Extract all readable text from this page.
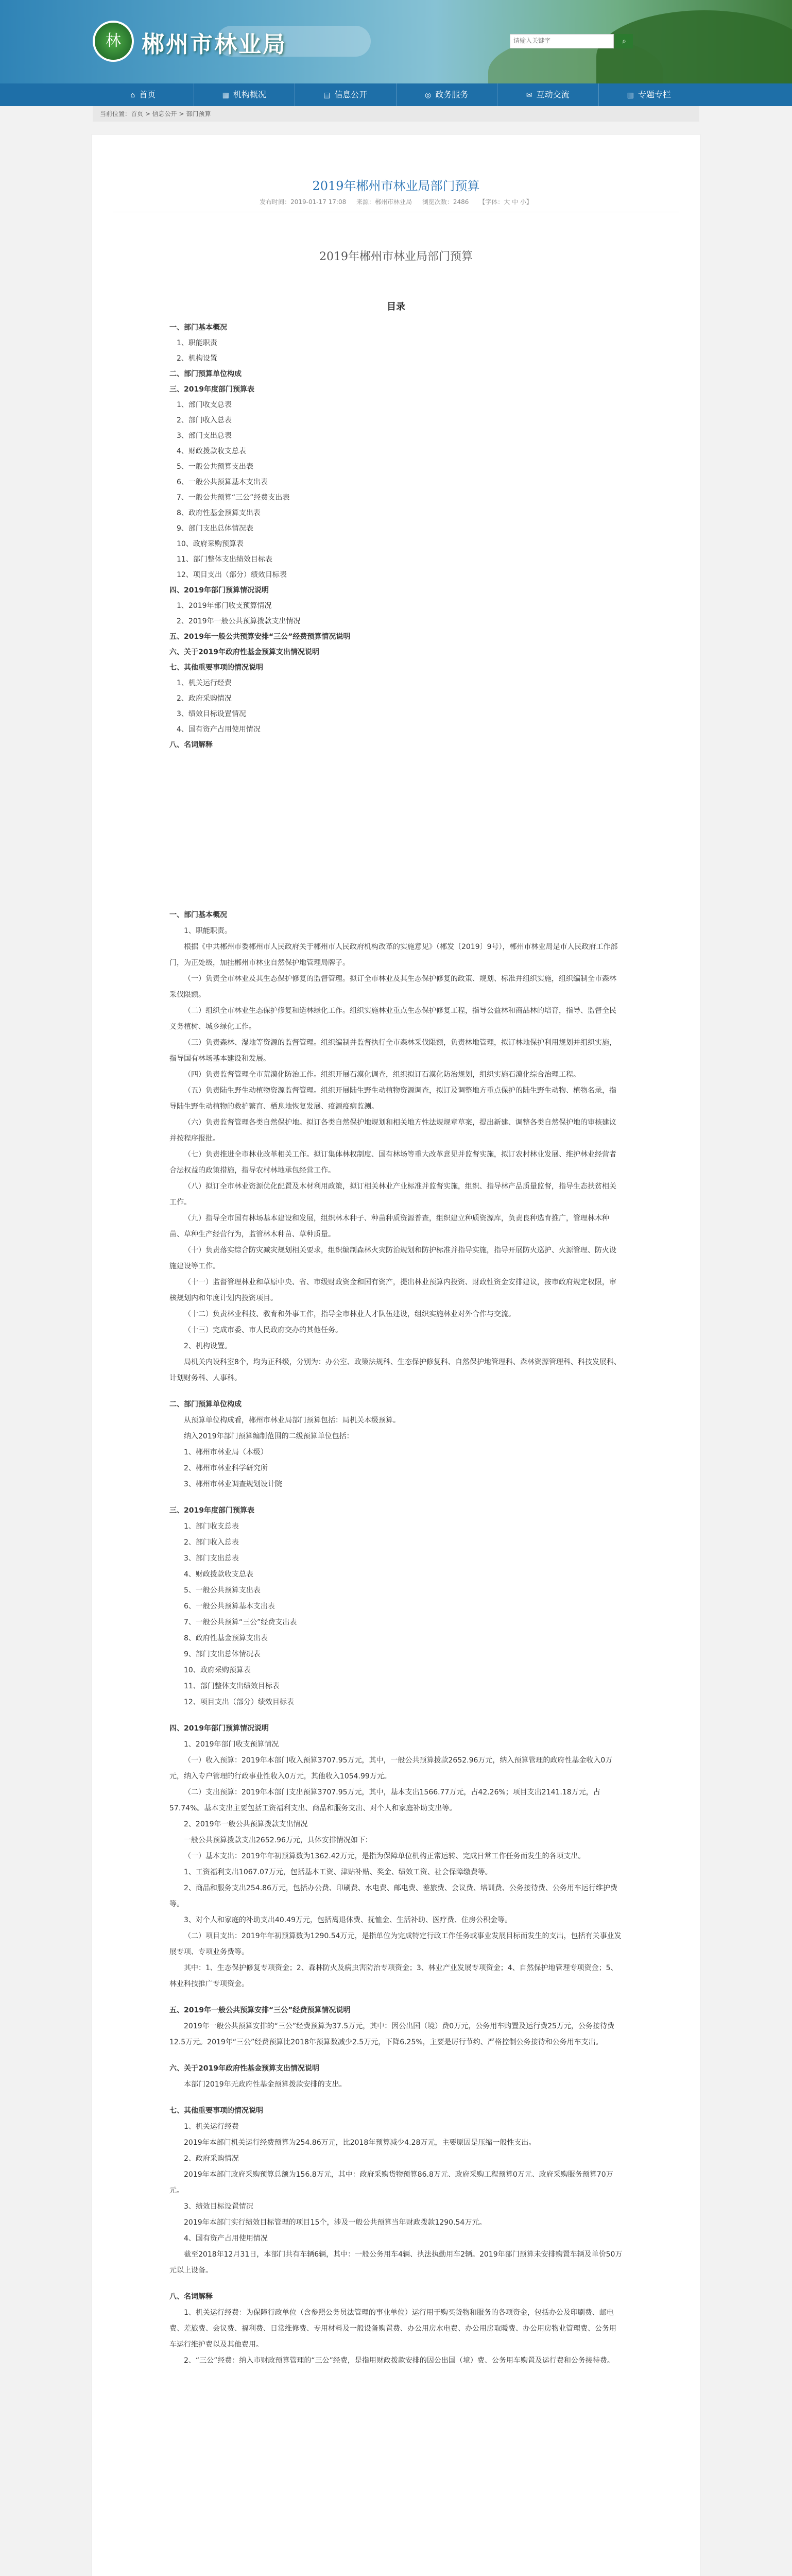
林 郴州市林业局
请输入关键字	⌕
⌂ 首页	▦ 机构概况	▤ 信息公开	◎ 政务服务	✉ 互动交流	▥ 专题专栏
当前位置：首页 > 信息公开 > 部门预算
2019年郴州市林业局部门预算
发布时间：2019-01-17 17:08 来源：郴州市林业局 浏览次数：2486 【字体：大 中 小】
2019年郴州市林业局部门预算
目录
一、部门基本概况
1、职能职责
2、机构设置
二、部门预算单位构成
三、2019年度部门预算表
1、部门收支总表
2、部门收入总表
3、部门支出总表
4、财政拨款收支总表
5、一般公共预算支出表
6、一般公共预算基本支出表
7、一般公共预算“三公”经费支出表
8、政府性基金预算支出表
9、部门支出总体情况表
10、政府采购预算表
11、部门整体支出绩效目标表
12、项目支出（部分）绩效目标表
四、2019年部门预算情况说明
1、2019年部门收支预算情况
2、2019年一般公共预算拨款支出情况
五、2019年一般公共预算安排“三公”经费预算情况说明
六、关于2019年政府性基金预算支出情况说明
七、其他重要事项的情况说明
1、机关运行经费
2、政府采购情况
3、绩效目标设置情况
4、国有资产占用使用情况
八、名词解释
一、部门基本概况
1、职能职责。
根据《中共郴州市委郴州市人民政府关于郴州市人民政府机构改革的实施意见》（郴发〔2019〕9号），郴州市林业局是市人民政府工作部门，为正处级，加挂郴州市林业自然保护地管理局牌子。
（一）负责全市林业及其生态保护修复的监督管理。拟订全市林业及其生态保护修复的政策、规划、标准并组织实施，组织编制全市森林采伐限额。
（二）组织全市林业生态保护修复和造林绿化工作。组织实施林业重点生态保护修复工程，指导公益林和商品林的培育，指导、监督全民义务植树、城乡绿化工作。
（三）负责森林、湿地等资源的监督管理。组织编制并监督执行全市森林采伐限额，负责林地管理，拟订林地保护利用规划并组织实施，指导国有林场基本建设和发展。
（四）负责监督管理全市荒漠化防治工作。组织开展石漠化调查，组织拟订石漠化防治规划，组织实施石漠化综合治理工程。
（五）负责陆生野生动植物资源监督管理。组织开展陆生野生动植物资源调查，拟订及调整地方重点保护的陆生野生动物、植物名录，指导陆生野生动植物的救护繁育、栖息地恢复发展、疫源疫病监测。
（六）负责监督管理各类自然保护地。拟订各类自然保护地规划和相关地方性法规规章草案，提出新建、调整各类自然保护地的审核建议并按程序报批。
（七）负责推进全市林业改革相关工作。拟订集体林权制度、国有林场等重大改革意见并监督实施，拟订农村林业发展、维护林业经营者合法权益的政策措施，指导农村林地承包经营工作。
（八）拟订全市林业资源优化配置及木材利用政策，拟订相关林业产业标准并监督实施，组织、指导林产品质量监督，指导生态扶贫相关工作。
（九）指导全市国有林场基本建设和发展，组织林木种子、种苗种质资源普查，组织建立种质资源库，负责良种选育推广，管理林木种苗、草种生产经营行为，监管林木种苗、草种质量。
（十）负责落实综合防灾减灾规划相关要求，组织编制森林火灾防治规划和防护标准并指导实施，指导开展防火巡护、火源管理、防火设施建设等工作。
（十一）监督管理林业和草原中央、省、市级财政资金和国有资产，提出林业预算内投资、财政性资金安排建议，按市政府规定权限，审核规划内和年度计划内投资项目。
（十二）负责林业科技、教育和外事工作，指导全市林业人才队伍建设，组织实施林业对外合作与交流。
（十三）完成市委、市人民政府交办的其他任务。
2、机构设置。
局机关内设科室8个，均为正科级，分别为：办公室、政策法规科、生态保护修复科、自然保护地管理科、森林资源管理科、科技发展科、计划财务科、人事科。
二、部门预算单位构成
从预算单位构成看，郴州市林业局部门预算包括：局机关本级预算。
纳入2019年部门预算编制范围的二级预算单位包括：
1、郴州市林业局（本级）
2、郴州市林业科学研究所
3、郴州市林业调查规划设计院
三、2019年度部门预算表
1、部门收支总表
2、部门收入总表
3、部门支出总表
4、财政拨款收支总表
5、一般公共预算支出表
6、一般公共预算基本支出表
7、一般公共预算“三公”经费支出表
8、政府性基金预算支出表
9、部门支出总体情况表
10、政府采购预算表
11、部门整体支出绩效目标表
12、项目支出（部分）绩效目标表
四、2019年部门预算情况说明
1、2019年部门收支预算情况
（一）收入预算：2019年本部门收入预算3707.95万元，其中，一般公共预算拨款2652.96万元，纳入预算管理的政府性基金收入0万元，纳入专户管理的行政事业性收入0万元，其他收入1054.99万元。
（二）支出预算：2019年本部门支出预算3707.95万元，其中，基本支出1566.77万元，占42.26%；项目支出2141.18万元，占57.74%。基本支出主要包括工资福利支出、商品和服务支出、对个人和家庭补助支出等。
2、2019年一般公共预算拨款支出情况
一般公共预算拨款支出2652.96万元，具体安排情况如下：
（一）基本支出：2019年年初预算数为1362.42万元，是指为保障单位机构正常运转、完成日常工作任务而发生的各项支出。
1、工资福利支出1067.07万元，包括基本工资、津贴补贴、奖金、绩效工资、社会保障缴费等。
2、商品和服务支出254.86万元，包括办公费、印刷费、水电费、邮电费、差旅费、会议费、培训费、公务接待费、公务用车运行维护费等。
3、对个人和家庭的补助支出40.49万元，包括离退休费、抚恤金、生活补助、医疗费、住房公积金等。
（二）项目支出：2019年年初预算数为1290.54万元，是指单位为完成特定行政工作任务或事业发展目标而发生的支出，包括有关事业发展专项、专项业务费等。
其中：1、生态保护修复专项资金；2、森林防火及病虫害防治专项资金；3、林业产业发展专项资金；4、自然保护地管理专项资金；5、林业科技推广专项资金。
五、2019年一般公共预算安排“三公”经费预算情况说明
2019年一般公共预算安排的“三公”经费预算为37.5万元，其中：因公出国（境）费0万元，公务用车购置及运行费25万元，公务接待费12.5万元。2019年“三公”经费预算比2018年预算数减少2.5万元，下降6.25%，主要是厉行节约、严格控制公务接待和公务用车支出。
六、关于2019年政府性基金预算支出情况说明
本部门2019年无政府性基金预算拨款安排的支出。
七、其他重要事项的情况说明
1、机关运行经费
2019年本部门机关运行经费预算为254.86万元，比2018年预算减少4.28万元，主要原因是压缩一般性支出。
2、政府采购情况
2019年本部门政府采购预算总额为156.8万元，其中：政府采购货物预算86.8万元、政府采购工程预算0万元、政府采购服务预算70万元。
3、绩效目标设置情况
2019年本部门实行绩效目标管理的项目15个，涉及一般公共预算当年财政拨款1290.54万元。
4、国有资产占用使用情况
截至2018年12月31日，本部门共有车辆6辆，其中：一般公务用车4辆、执法执勤用车2辆。2019年部门预算未安排购置车辆及单价50万元以上设备。
八、名词解释
1、机关运行经费：为保障行政单位（含参照公务员法管理的事业单位）运行用于购买货物和服务的各项资金，包括办公及印刷费、邮电费、差旅费、会议费、福利费、日常维修费、专用材料及一般设备购置费、办公用房水电费、办公用房取暖费、办公用房物业管理费、公务用车运行维护费以及其他费用。
2、“三公”经费：纳入市财政预算管理的“三公”经费，是指用财政拨款安排的因公出国（境）费、公务用车购置及运行费和公务接待费。
